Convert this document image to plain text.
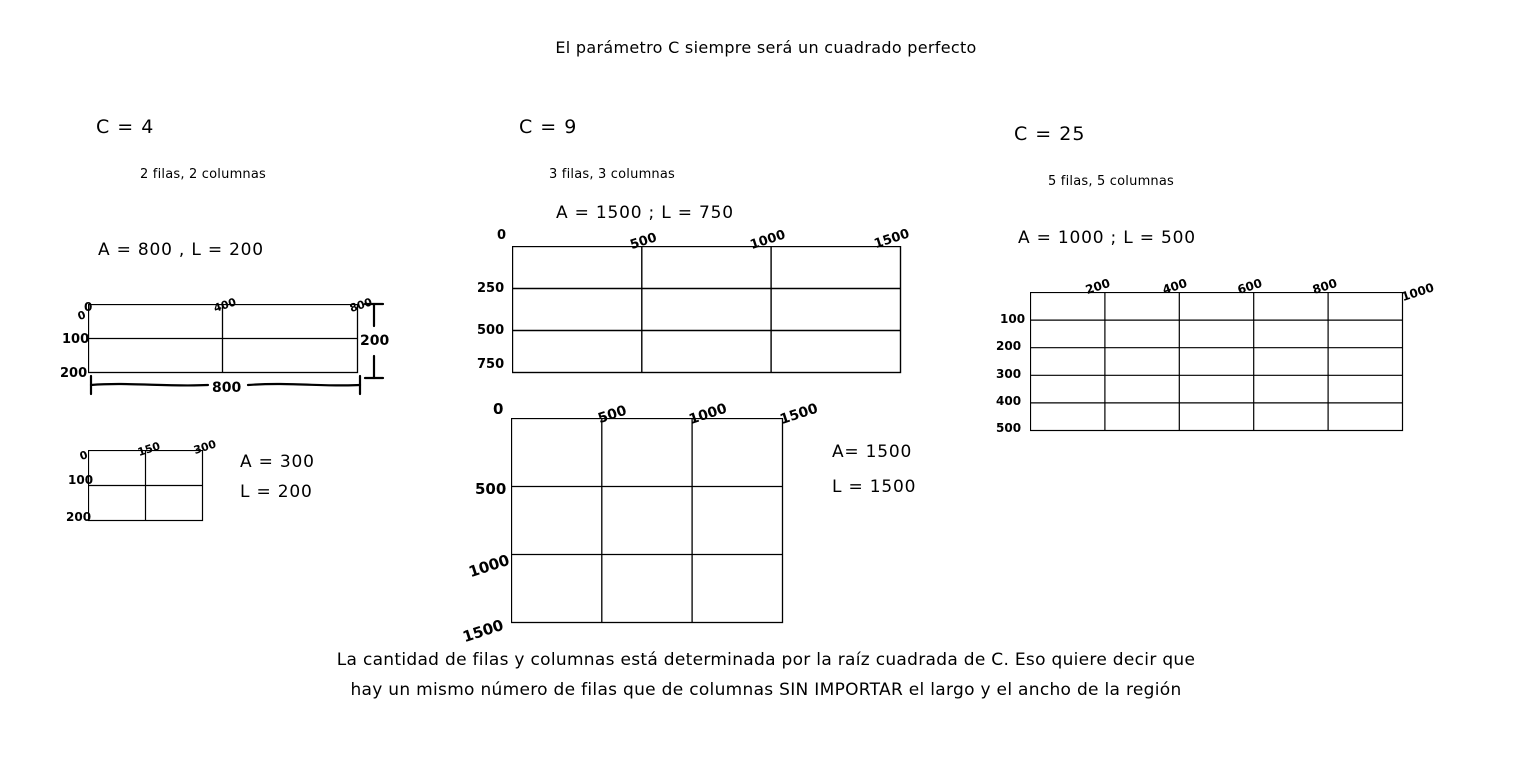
El parámetro C siempre será un cuadrado perfecto
C = 4
2 filas, 2 columnas
A = 800 , L = 200
0
400	800
0
100
200
800
200
0	150	300
100
200
A = 300
L = 200
C = 9
3 filas, 3 columnas
A = 1500 ; L = 750
0	500	1000	1500
250
500
750
0	500	1000	1500
500
1000
1500
A= 1500
L = 1500
C = 25
5 filas, 5 columnas
A = 1000 ; L = 500
200	400	600	800	1000
100
200
300
400
500
La cantidad de filas y columnas está determinada por la raíz cuadrada de C. Eso quiere decir que
hay un mismo número de filas que de columnas SIN IMPORTAR el largo y el ancho de la región
